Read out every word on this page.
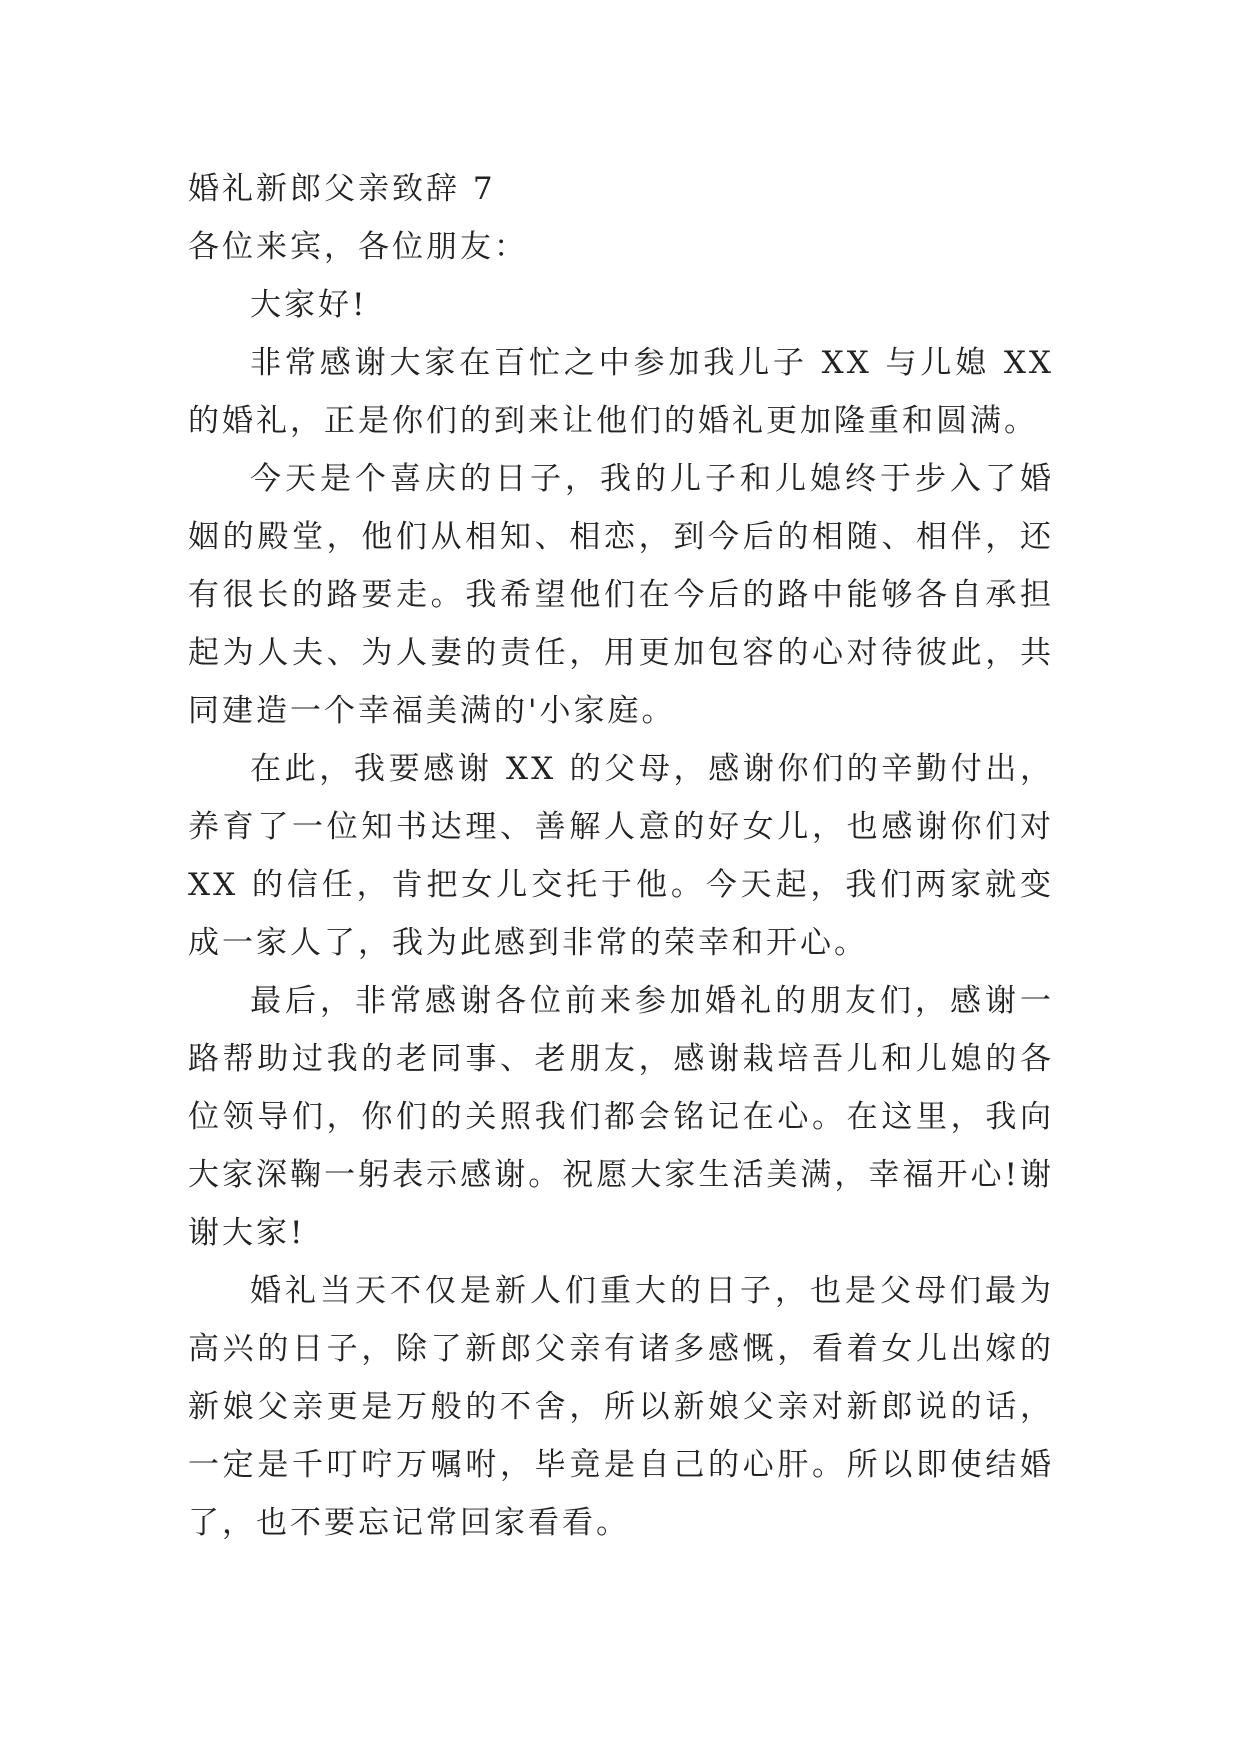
婚礼新郎父亲致辞 7

各位来宾，各位朋友：

大家好!

非常感谢大家在百忙之中参加我儿子 XX 与儿媳 XX 的婚礼，正是你们的到来让他们的婚礼更加隆重和圆满。

今天是个喜庆的日子，我的儿子和儿媳终于步入了婚姻的殿堂，他们从相知、相恋，到今后的相随、相伴，还有很长的路要走。我希望他们在今后的路中能够各自承担起为人夫、为人妻的责任，用更加包容的心对待彼此，共同建造一个幸福美满的'小家庭。

在此，我要感谢 XX 的父母，感谢你们的辛勤付出，养育了一位知书达理、善解人意的好女儿，也感谢你们对 XX 的信任，肯把女儿交托于他。今天起，我们两家就变成一家人了，我为此感到非常的荣幸和开心。

最后，非常感谢各位前来参加婚礼的朋友们，感谢一路帮助过我的老同事、老朋友，感谢栽培吾儿和儿媳的各位领导们，你们的关照我们都会铭记在心。在这里，我向大家深鞠一躬表示感谢。祝愿大家生活美满，幸福开心!谢谢大家!

婚礼当天不仅是新人们重大的日子，也是父母们最为高兴的日子，除了新郎父亲有诸多感慨，看着女儿出嫁的新娘父亲更是万般的不舍，所以新娘父亲对新郎说的话，一定是千叮咛万嘱咐，毕竟是自己的心肝。所以即使结婚了，也不要忘记常回家看看。
